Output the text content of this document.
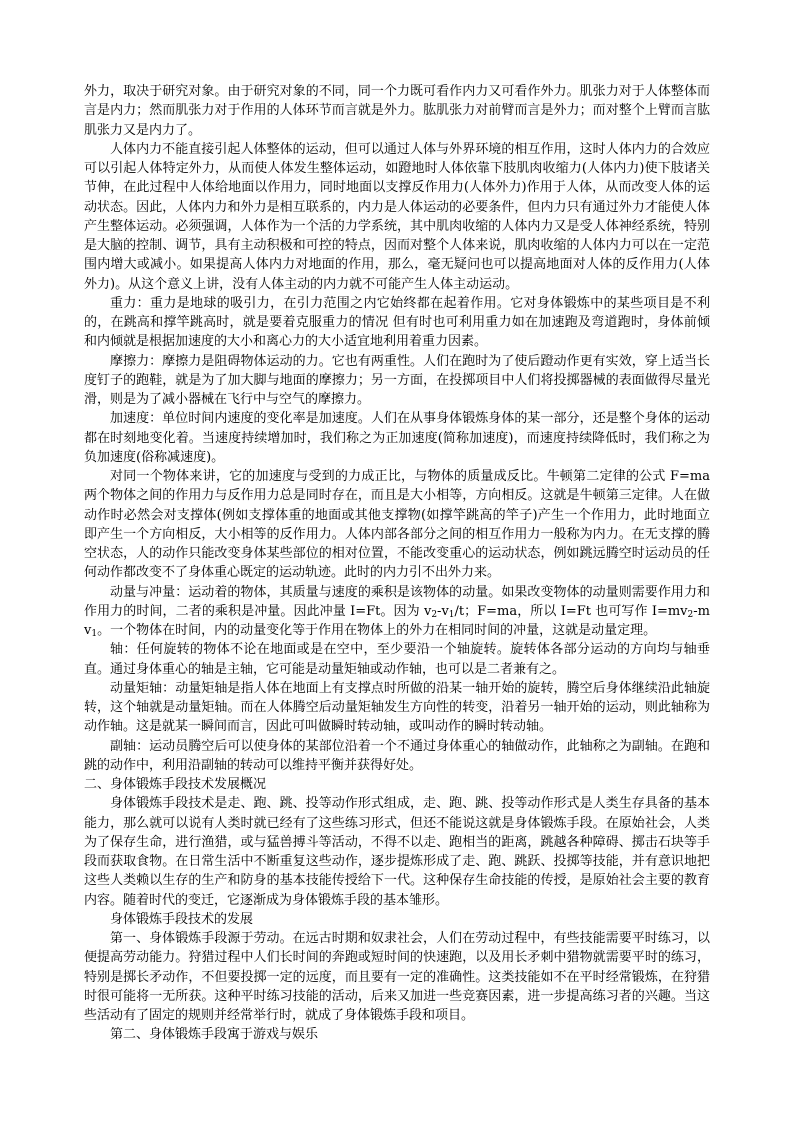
外力，取决于研究对象。由于研究对象的不同，同一个力既可看作内力又可看作外力。肌张力对于人体整体而言是内力；然而肌张力对于作用的人体环节而言就是外力。肱肌张力对前臂而言是外力；而对整个上臂而言肱肌张力又是内力了。

人体内力不能直接引起人体整体的运动，但可以通过人体与外界环境的相互作用，这时人体内力的合效应可以引起人体特定外力，从而使人体发生整体运动，如蹬地时人体依靠下肢肌肉收缩力(人体内力)使下肢诸关节伸，在此过程中人体给地面以作用力，同时地面以支撑反作用力(人体外力)作用于人体，从而改变人体的运动状态。因此，人体内力和外力是相互联系的，内力是人体运动的必要条件，但内力只有通过外力才能使人体产生整体运动。必须强调，人体作为一个活的力学系统，其中肌肉收缩的人体内力又是受人体神经系统，特别是大脑的控制、调节，具有主动积极和可控的特点，因而对整个人体来说，肌肉收缩的人体内力可以在一定范围内增大或减小。如果提高人体内力对地面的作用，那么，毫无疑问也可以提高地面对人体的反作用力(人体外力)。从这个意义上讲，没有人体主动的内力就不可能产生人体主动运动。

重力：重力是地球的吸引力，在引力范围之内它始终都在起着作用。它对身体锻炼中的某些项目是不利的，在跳高和撑竿跳高时，就是要着克服重力的情况 但有时也可利用重力如在加速跑及弯道跑时，身体前倾和内倾就是根据加速度的大小和离心力的大小适宜地利用着重力因素。

摩擦力：摩擦力是阻碍物体运动的力。它也有两重性。人们在跑时为了使后蹬动作更有实效，穿上适当长度钉子的跑鞋，就是为了加大脚与地面的摩擦力；另一方面，在投掷项目中人们将投掷器械的表面做得尽量光滑，则是为了减小器械在飞行中与空气的摩擦力。

加速度：单位时间内速度的变化率是加速度。人们在从事身体锻炼身体的某一部分，还是整个身体的运动都在时刻地变化着。当速度持续增加时，我们称之为正加速度(简称加速度)，而速度持续降低时，我们称之为负加速度(俗称减速度)。

对同一个物体来讲，它的加速度与受到的力成正比，与物体的质量成反比。牛顿第二定律的公式 F=ma 两个物体之间的作用力与反作用力总是同时存在，而且是大小相等，方向相反。这就是牛顿第三定律。人在做动作时必然会对支撑体(例如支撑体重的地面或其他支撑物(如撑竿跳高的竿子)产生一个作用力，此时地面立即产生一个方向相反，大小相等的反作用力。人体内部各部分之间的相互作用力一般称为内力。在无支撑的腾空状态，人的动作只能改变身体某些部位的相对位置，不能改变重心的运动状态，例如跳远腾空时运动员的任何动作都改变不了身体重心既定的运动轨迹。此时的内力引不出外力来。

动量与冲量：运动着的物体，其质量与速度的乘积是该物体的动量。如果改变物体的动量则需要作用力和作用力的时间，二者的乘积是冲量。因此冲量 I=Ft。因为 $v_2-v_1/t$；F=ma，所以 I=Ft 也可写作 $I=mv_2-mv_1$。一个物体在时间，内的动量变化等于作用在物体上的外力在相同时间的冲量，这就是动量定理。

轴：任何旋转的物体不论在地面或是在空中，至少要沿一个轴旋转。旋转体各部分运动的方向均与轴垂直。通过身体重心的轴是主轴，它可能是动量矩轴或动作轴，也可以是二者兼有之。

动量矩轴：动量矩轴是指人体在地面上有支撑点时所做的沿某一轴开始的旋转，腾空后身体继续沿此轴旋转，这个轴就是动量矩轴。而在人体腾空后动量矩轴发生方向性的转变，沿着另一轴开始的运动，则此轴称为动作轴。这是就某一瞬间而言，因此可叫做瞬时转动轴，或叫动作的瞬时转动轴。

副轴：运动员腾空后可以使身体的某部位沿着一个不通过身体重心的轴做动作，此轴称之为副轴。在跑和跳的动作中，利用沿副轴的转动可以维持平衡并获得好处。

二、身体锻炼手段技术发展概况

身体锻炼手段技术是走、跑、跳、投等动作形式组成，走、跑、跳、投等动作形式是人类生存具备的基本能力，那么就可以说有人类时就已经有了这些练习形式，但还不能说这就是身体锻炼手段。在原始社会，人类为了保存生命，进行渔猎，或与猛兽搏斗等活动，不得不以走、跑相当的距离，跳越各种障碍、掷击石块等手段而获取食物。在日常生活中不断重复这些动作，逐步提炼形成了走、跑、跳跃、投掷等技能，并有意识地把这些人类赖以生存的生产和防身的基本技能传授给下一代。这种保存生命技能的传授，是原始社会主要的教育内容。随着时代的变迁，它逐渐成为身体锻炼手段的基本雏形。

身体锻炼手段技术的发展

第一、身体锻炼手段源于劳动。在远古时期和奴隶社会，人们在劳动过程中，有些技能需要平时练习，以便提高劳动能力。狩猎过程中人们长时间的奔跑或短时间的快速跑，以及用长矛刺中猎物就需要平时的练习，特别是掷长矛动作，不但要投掷一定的远度，而且要有一定的准确性。这类技能如不在平时经常锻炼，在狩猎时很可能将一无所获。这种平时练习技能的活动，后来又加进一些竞赛因素，进一步提高练习者的兴趣。当这些活动有了固定的规则并经常举行时，就成了身体锻炼手段和项目。

第二、身体锻炼手段寓于游戏与娱乐
